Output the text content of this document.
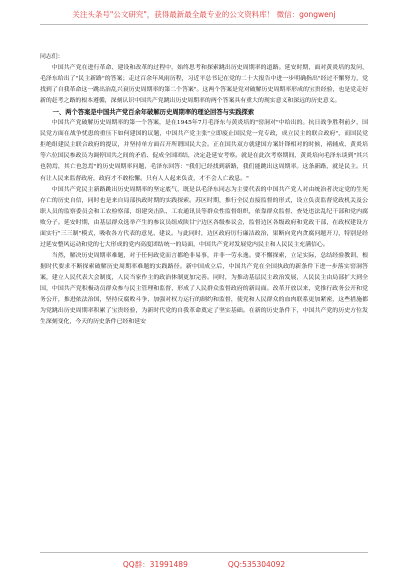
关注头条号"公文研究"，获得最新最全最专业的公文资料库！ 微信：gongwenj

同志们：

中国共产党在进行革命、建设和改革的过程中，始终思考和探索跳出历史周期率的道路。延安时期，面对黄炎培的发问，毛泽东给出了"民主新路"的答案；走过百余年风雨历程，习近平总书记在党的二十大报告中进一步明确指出"经过不懈努力，党找到了自我革命这一跳出治乱兴衰历史周期率的第二个答案"。这两个答案是党对破解历史周期率形成的宝贵经验，也是党走好新的赶考之路的根本遵循，深刻认识中国共产党跳出历史周期率的两个答案具有重大的现实意义和深远的历史意义。

一、两个答案是中国共产党百余年破解历史周期率的理论回答与实践探索

中国共产党破解历史周期率的第一个答案，是在1945年7月毛泽东与黄炎培的"窑洞对"中给出的。抗日战争胜利前夕，国民党方面在战争忧患的重压下如何建国的议题，中国共产党主张"立即废止国民党一党专政，成立民主的联合政府"，而国民党拒绝组建民主联合政府的提议，并坚持单方面召开所谓国民大会。正在国共双方就建国方案针锋相对的时候，褚辅成、黄炎培等六位国民参政员为调停国共之间的矛盾、促成全国团结，决定赴延安考察。就是在此次考察期间，黄炎培向毛泽东谈到"其兴也勃焉，其亡也忽焉"的历史周期率问题，毛泽东回答："我们已经找到新路，我们能跳出这周期率。这条新路，就是民主。只有让人民来监督政府，政府才不敢松懈。只有人人起来负责，才不会人亡政息。"

中国共产党民主新路跳出历史周期率的坚定底气，既是以毛泽东同志为主要代表的中国共产党人对由统治者决定党的生死存亡的历史自信，同时也是来自局部执政时期的实践探索。苏区时期，推行全民直接监督的形式，设立负责监督党政机关及公职人员的监察委员会和工农检察部，组建突击队、工农通讯员等群众性监督组织，依靠群众监督、查处违法乱纪干部和党内腐败分子。延安时期，由基层群众选举产生的参议员组成陕甘宁边区各级参议会，监督边区各级政府和党政干部，在政权建设方面实行"三三制"模式，吸收各方代表的意见、建议。与此同时，边区政府厉行廉洁政治，果断向党内贪腐问题开刀，特别是经过延安整风运动和党的七大形成的党内高度团结统一的局面，中国共产党对发展党内民主和人民民主充满信心。

当然，解决历史周期率难题，对于任何政党而言都绝非易事，并非一劳永逸。要不懈探索，立足实际，总结经验教训，根据时代要求不断探索破解历史周期率难题的实践路径。新中国成立后，中国共产党在全国执政的新条件下进一步落实窑洞答案，建立人民代表大会制度，人民当家作主的政治体制更加完善。同时，为推动基层民主政治发展，人民民主由局部扩大到全国，中国共产党积极动员群众参与民主管理和监督，形成了人民群众监督政府的新局面。改革开放以来，党推行政务公开和党务公开，推进依法治国，坚持反腐败斗争，加强对权力运行的制约和监督，使党和人民群众的血肉联系更加紧密，这些措施都为党跳出历史周期率积累了宝贵经验，为新时代党的自我革命奠定了坚实基础。在新的历史条件下，中国共产党的历史方位发生深刻变化，今天的历史条件已经和延安

QQ群：31991489	QQ:535304092
